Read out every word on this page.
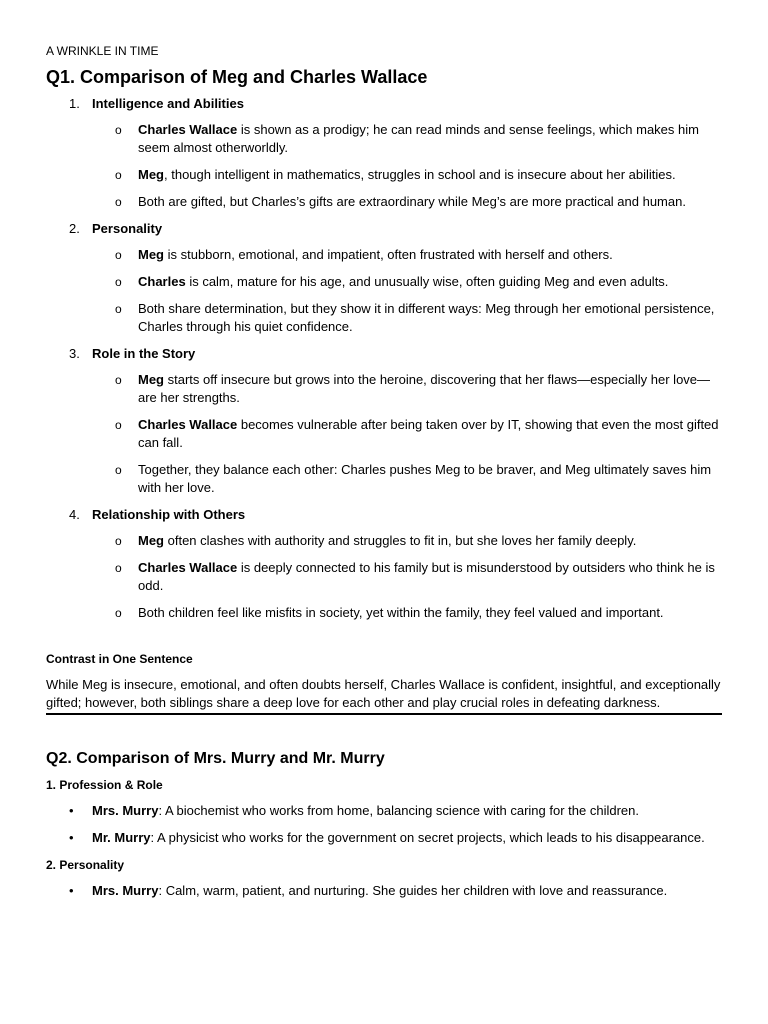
A WRINKLE IN TIME
Q1. Comparison of Meg and Charles Wallace
1. Intelligence and Abilities
o	Charles Wallace is shown as a prodigy; he can read minds and sense feelings, which makes him seem almost otherworldly.
o	Meg, though intelligent in mathematics, struggles in school and is insecure about her abilities.
o	Both are gifted, but Charles’s gifts are extraordinary while Meg’s are more practical and human.
2. Personality
o	Meg is stubborn, emotional, and impatient, often frustrated with herself and others.
o	Charles is calm, mature for his age, and unusually wise, often guiding Meg and even adults.
o	Both share determination, but they show it in different ways: Meg through her emotional persistence, Charles through his quiet confidence.
3. Role in the Story
o	Meg starts off insecure but grows into the heroine, discovering that her flaws—especially her love—are her strengths.
o	Charles Wallace becomes vulnerable after being taken over by IT, showing that even the most gifted can fall.
o	Together, they balance each other: Charles pushes Meg to be braver, and Meg ultimately saves him with her love.
4. Relationship with Others
o	Meg often clashes with authority and struggles to fit in, but she loves her family deeply.
o	Charles Wallace is deeply connected to his family but is misunderstood by outsiders who think he is odd.
o	Both children feel like misfits in society, yet within the family, they feel valued and important.
Contrast in One Sentence

While Meg is insecure, emotional, and often doubts herself, Charles Wallace is confident, insightful, and exceptionally gifted; however, both siblings share a deep love for each other and play crucial roles in defeating darkness.

Q2. Comparison of Mrs. Murry and Mr. Murry
1. Profession & Role
•	Mrs. Murry: A biochemist who works from home, balancing science with caring for the children.
•	Mr. Murry: A physicist who works for the government on secret projects, which leads to his disappearance.
2. Personality
•	Mrs. Murry: Calm, warm, patient, and nurturing. She guides her children with love and reassurance.
